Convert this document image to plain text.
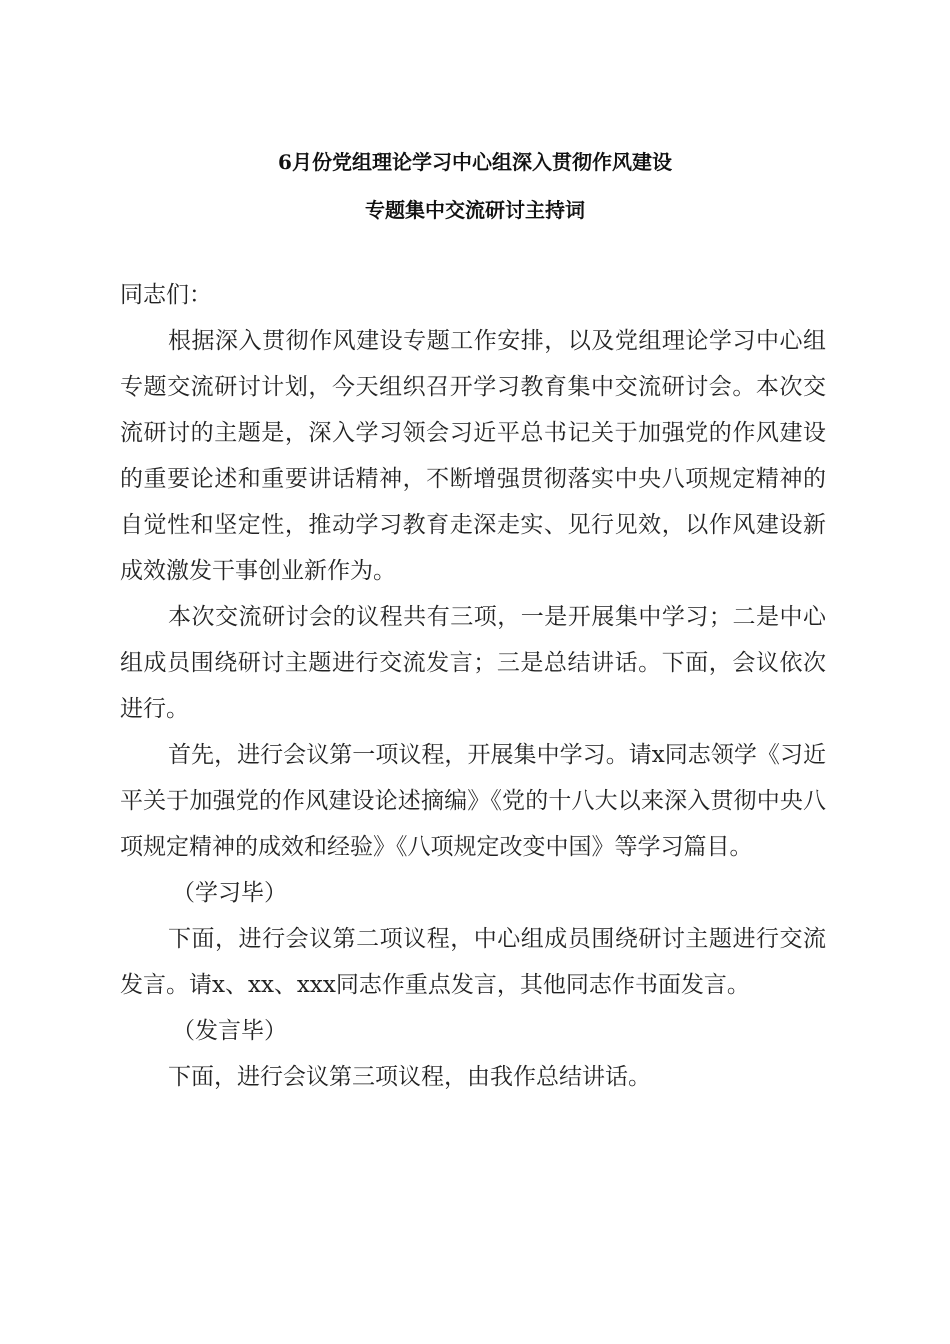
6月份党组理论学习中心组深入贯彻作风建设
专题集中交流研讨主持词

同志们：

根据深入贯彻作风建设专题工作安排，以及党组理论学习中心组专题交流研讨计划，今天组织召开学习教育集中交流研讨会。本次交流研讨的主题是，深入学习领会习近平总书记关于加强党的作风建设的重要论述和重要讲话精神，不断增强贯彻落实中央八项规定精神的自觉性和坚定性，推动学习教育走深走实、见行见效，以作风建设新成效激发干事创业新作为。

本次交流研讨会的议程共有三项，一是开展集中学习；二是中心组成员围绕研讨主题进行交流发言；三是总结讲话。下面，会议依次进行。

首先，进行会议第一项议程，开展集中学习。请x同志领学《习近平关于加强党的作风建设论述摘编》《党的十八大以来深入贯彻中央八项规定精神的成效和经验》《八项规定改变中国》等学习篇目。

（学习毕）

下面，进行会议第二项议程，中心组成员围绕研讨主题进行交流发言。请x、xx、xxx同志作重点发言，其他同志作书面发言。

（发言毕）

下面，进行会议第三项议程，由我作总结讲话。
